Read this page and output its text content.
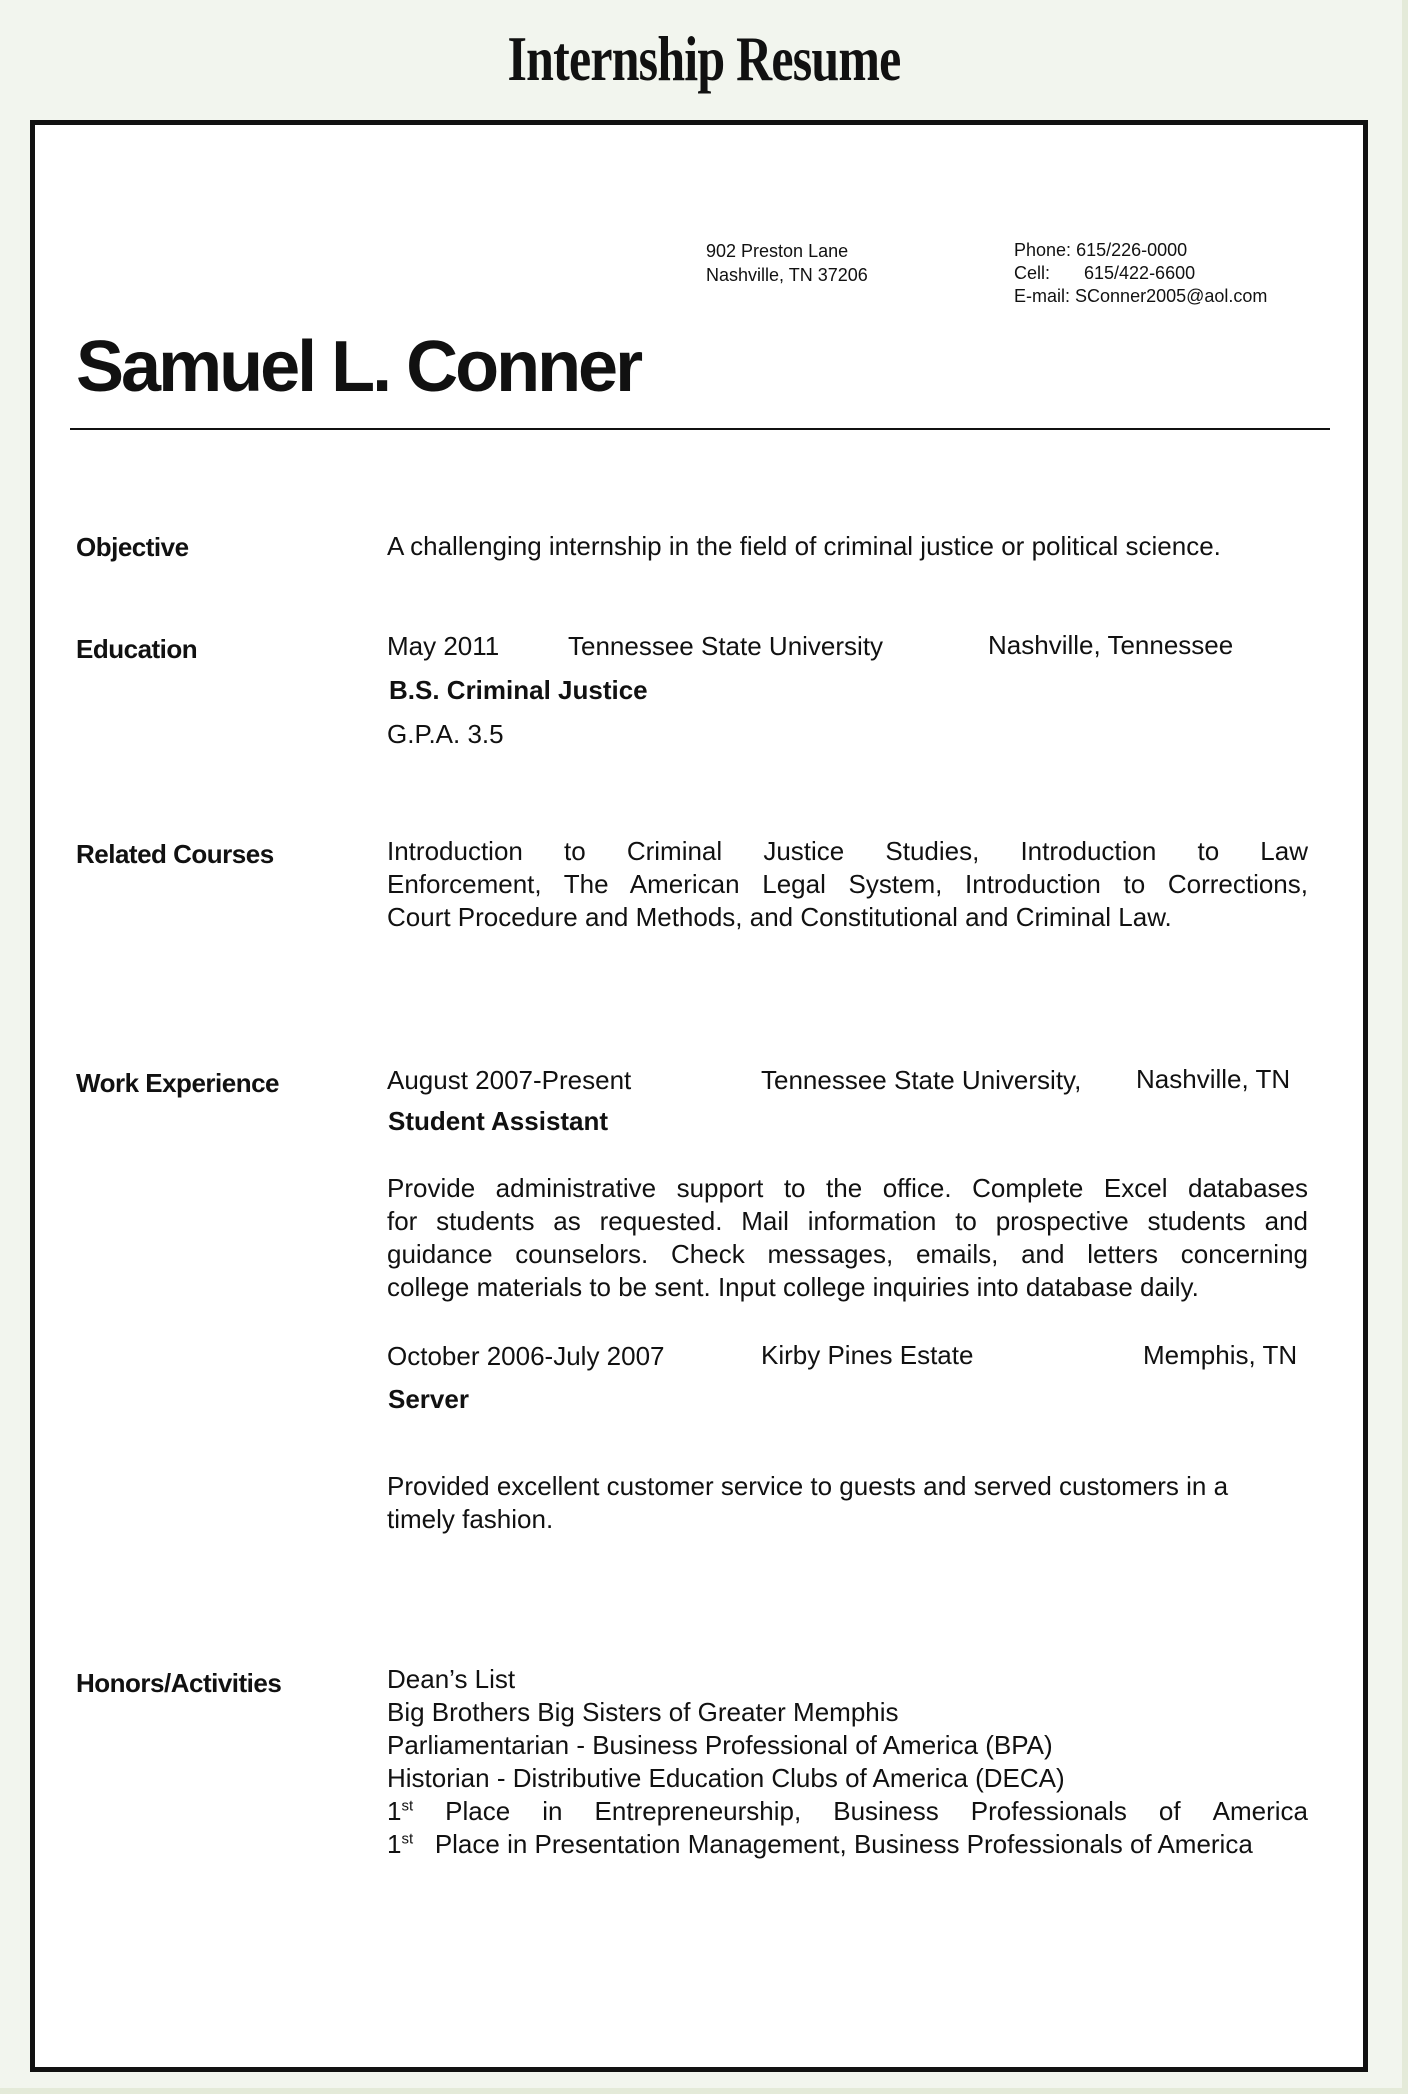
Internship Resume
902 Preston Lane
Nashville, TN 37206
Phone: 615/226-0000
Cell: 615/422-6600
E-mail: SConner2005@aol.com
Samuel L. Conner
Objective	A challenging internship in the field of criminal justice or political science.
Education	May 2011	Tennessee State University	Nashville, Tennessee
B.S. Criminal Justice
G.P.A. 3.5
Related Courses	Introduction to Criminal Justice Studies, Introduction to Law
Enforcement, The American Legal System, Introduction to Corrections,
Court Procedure and Methods, and Constitutional and Criminal Law.
Work Experience	August 2007-Present	Tennessee State University, Nashville, TN
Student Assistant
Provide administrative support to the office. Complete Excel databases
for students as requested. Mail information to prospective students and
guidance counselors. Check messages, emails, and letters concerning
college materials to be sent. Input college inquiries into database daily.
October 2006-July 2007	Kirby Pines Estate	Memphis, TN
Server
Provided excellent customer service to guests and served customers in a
timely fashion.
Honors/Activities	Dean’s List
Big Brothers Big Sisters of Greater Memphis
Parliamentarian - Business Professional of America (BPA)
Historian - Distributive Education Clubs of America (DECA)
1st Place in Entrepreneurship, Business Professionals of America
1st Place in Presentation Management, Business Professionals of America
